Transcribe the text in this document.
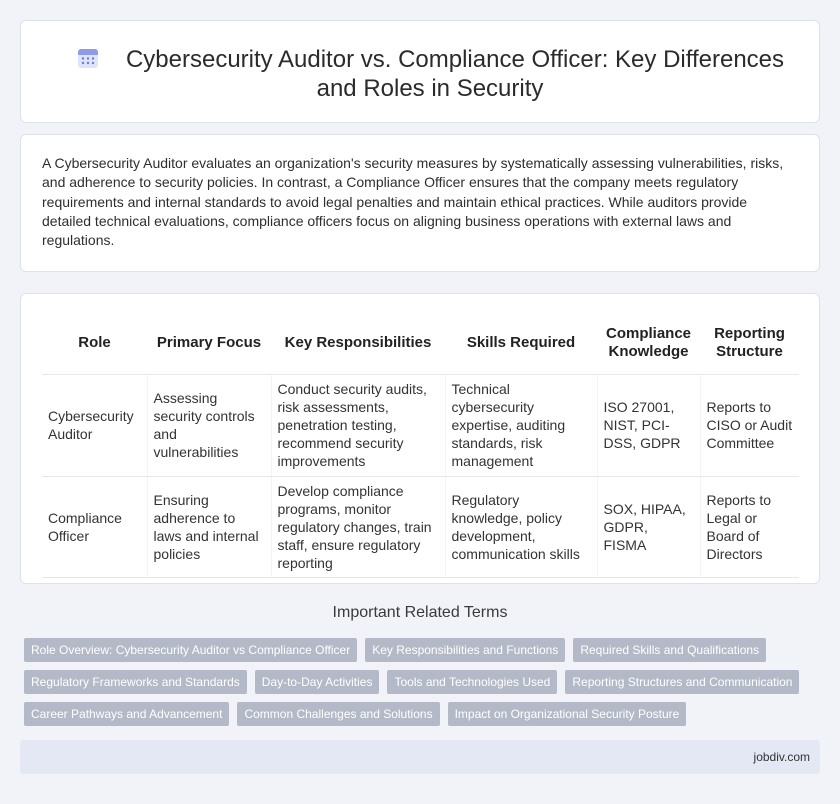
Cybersecurity Auditor vs. Compliance Officer: Key Differences and Roles in Security

A Cybersecurity Auditor evaluates an organization's security measures by systematically assessing vulnerabilities, risks, and adherence to security policies. In contrast, a Compliance Officer ensures that the company meets regulatory requirements and internal standards to avoid legal penalties and maintain ethical practices. While auditors provide detailed technical evaluations, compliance officers focus on aligning business operations with external laws and regulations.

Role	Primary Focus	Key Responsibilities	Skills Required	Compliance Knowledge	Reporting Structure
Cybersecurity Auditor	Assessing security controls and vulnerabilities	Conduct security audits, risk assessments, penetration testing, recommend security improvements	Technical cybersecurity expertise, auditing standards, risk management	ISO 27001, NIST, PCI-DSS, GDPR	Reports to CISO or Audit Committee
Compliance Officer	Ensuring adherence to laws and internal policies	Develop compliance programs, monitor regulatory changes, train staff, ensure regulatory reporting	Regulatory knowledge, policy development, communication skills	SOX, HIPAA, GDPR, FISMA	Reports to Legal or Board of Directors
Important Related Terms
Role Overview: Cybersecurity Auditor vs Compliance Officer	Key Responsibilities and Functions	Required Skills and Qualifications
Regulatory Frameworks and Standards	Day-to-Day Activities	Tools and Technologies Used	Reporting Structures and Communication
Career Pathways and Advancement	Common Challenges and Solutions	Impact on Organizational Security Posture
jobdiv.com
